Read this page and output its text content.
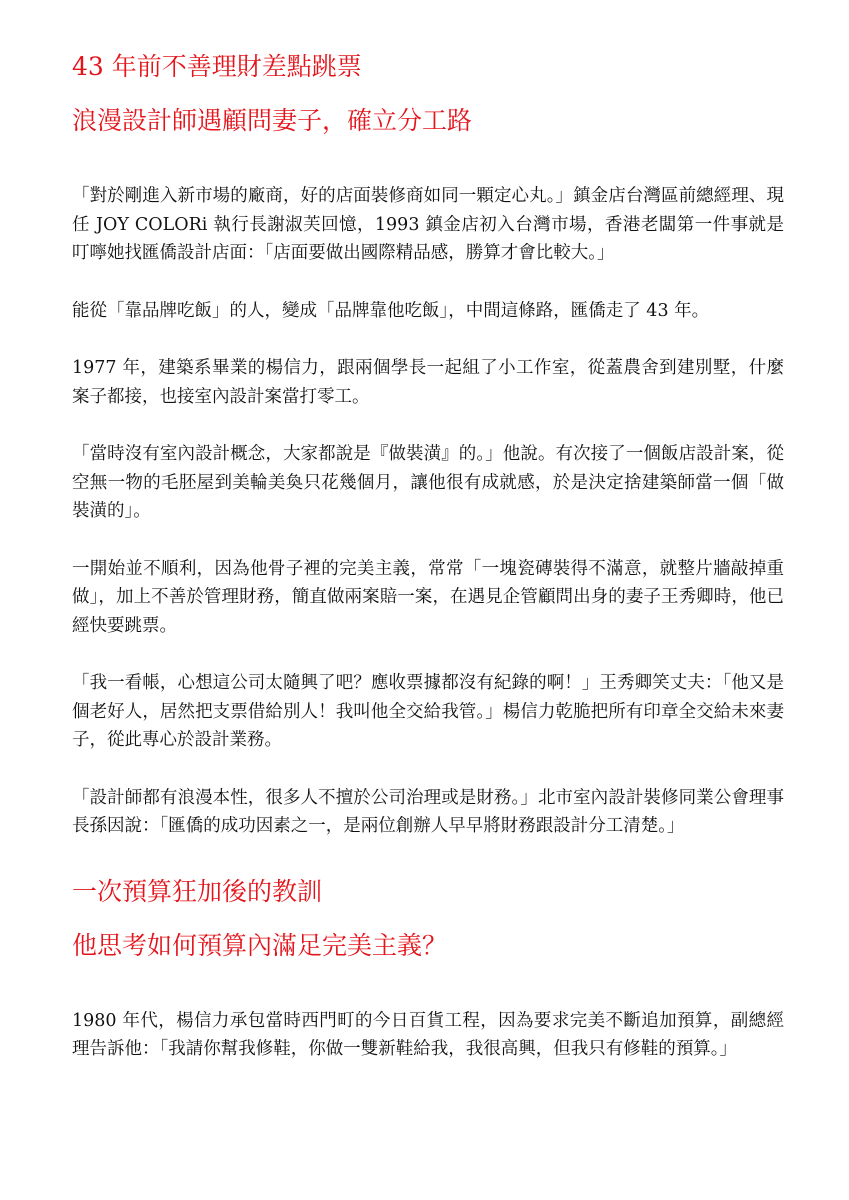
43 年前不善理財差點跳票
浪漫設計師遇顧問妻子，確立分工路

「對於剛進入新市場的廠商，好的店面裝修商如同一顆定心丸。」鎮金店台灣區前總經理、現任 JOY COLORi 執行長謝淑芙回憶，1993 鎮金店初入台灣市場，香港老闆第一件事就是叮嚀她找匯僑設計店面：「店面要做出國際精品感，勝算才會比較大。」

能從「靠品牌吃飯」的人，變成「品牌靠他吃飯」，中間這條路，匯僑走了 43 年。

1977 年，建築系畢業的楊信力，跟兩個學長一起組了小工作室，從蓋農舍到建別墅，什麼案子都接，也接室內設計案當打零工。

「當時沒有室內設計概念，大家都說是『做裝潢』的。」他說。有次接了一個飯店設計案，從空無一物的毛胚屋到美輪美奐只花幾個月，讓他很有成就感，於是決定捨建築師當一個「做裝潢的」。

一開始並不順利，因為他骨子裡的完美主義，常常「一塊瓷磚裝得不滿意，就整片牆敲掉重做」，加上不善於管理財務，簡直做兩案賠一案，在遇見企管顧問出身的妻子王秀卿時，他已經快要跳票。

「我一看帳，心想這公司太隨興了吧？應收票據都沒有紀錄的啊！」王秀卿笑丈夫：「他又是個老好人，居然把支票借給別人！我叫他全交給我管。」楊信力乾脆把所有印章全交給未來妻子，從此專心於設計業務。

「設計師都有浪漫本性，很多人不擅於公司治理或是財務。」北市室內設計裝修同業公會理事長孫因說：「匯僑的成功因素之一，是兩位創辦人早早將財務跟設計分工清楚。」

一次預算狂加後的教訓
他思考如何預算內滿足完美主義？

1980 年代，楊信力承包當時西門町的今日百貨工程，因為要求完美不斷追加預算，副總經理告訴他：「我請你幫我修鞋，你做一雙新鞋給我，我很高興，但我只有修鞋的預算。」
